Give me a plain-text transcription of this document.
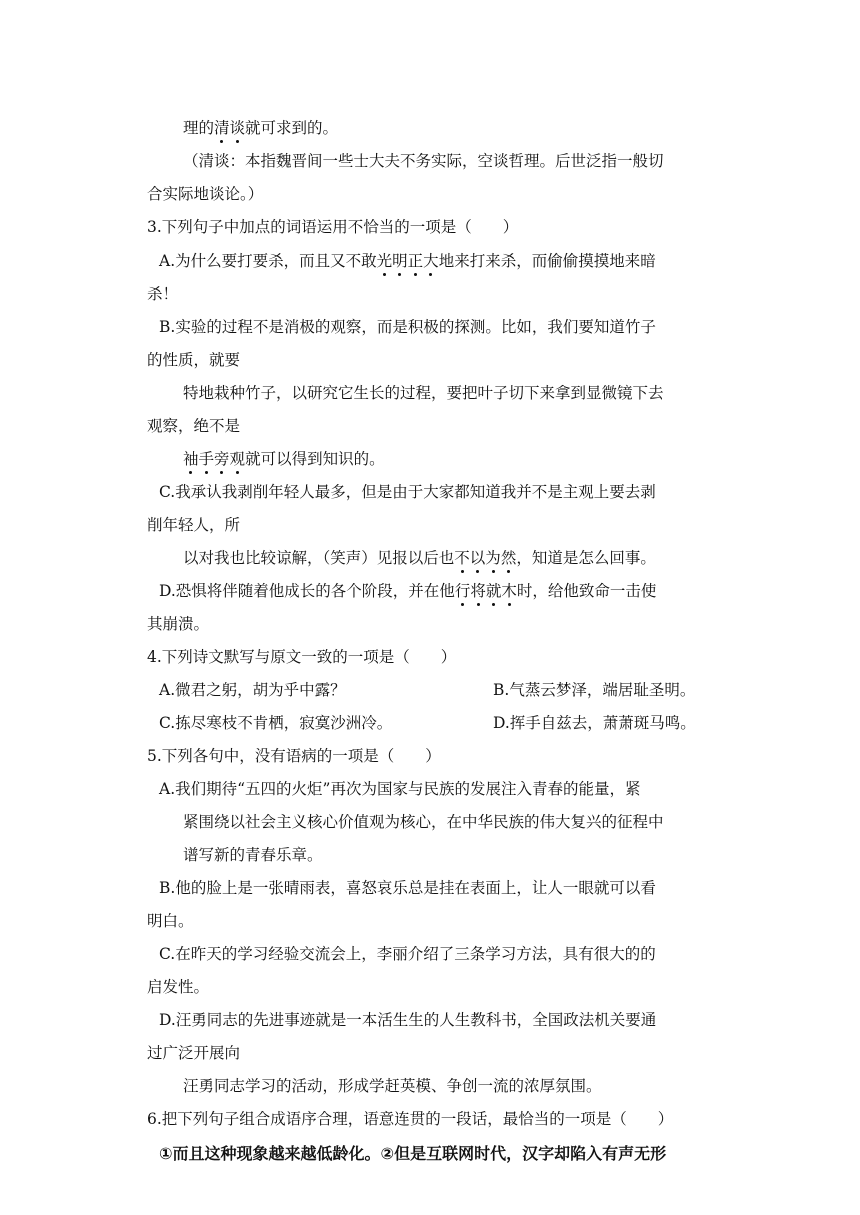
理的清谈就可求到的。
（清谈：本指魏晋间一些士大夫不务实际，空谈哲理。后世泛指一般切
合实际地谈论。）
3.下列句子中加点的词语运用不恰当的一项是（　　）
A.为什么要打要杀，而且又不敢光明正大地来打来杀，而偷偷摸摸地来暗
杀！
B.实验的过程不是消极的观察，而是积极的探测。比如，我们要知道竹子
的性质，就要
特地栽种竹子，以研究它生长的过程，要把叶子切下来拿到显微镜下去
观察，绝不是
袖手旁观就可以得到知识的。
C.我承认我剥削年轻人最多，但是由于大家都知道我并不是主观上要去剥
削年轻人，所
以对我也比较谅解，（笑声）见报以后也不以为然，知道是怎么回事。
D.恐惧将伴随着他成长的各个阶段，并在他行将就木时，给他致命一击使
其崩溃。
4.下列诗文默写与原文一致的一项是（　　）
A.微君之躬，胡为乎中露？	B.气蒸云梦泽，端居耻圣明。
C.拣尽寒枝不肯栖，寂寞沙洲冷。	D.挥手自兹去，萧萧斑马鸣。
5.下列各句中，没有语病的一项是（　　）
A.我们期待“五四的火炬”再次为国家与民族的发展注入青春的能量，紧
紧围绕以社会主义核心价值观为核心，在中华民族的伟大复兴的征程中
谱写新的青春乐章。
B.他的脸上是一张晴雨表，喜怒哀乐总是挂在表面上，让人一眼就可以看
明白。
C.在昨天的学习经验交流会上，李丽介绍了三条学习方法，具有很大的的
启发性。
D.汪勇同志的先进事迹就是一本活生生的人生教科书，全国政法机关要通
过广泛开展向
汪勇同志学习的活动，形成学赶英模、争创一流的浓厚氛围。
6.把下列句子组合成语序合理，语意连贯的一段话，最恰当的一项是（　　）
①而且这种现象越来越低龄化。②但是互联网时代，汉字却陷入有声无形
